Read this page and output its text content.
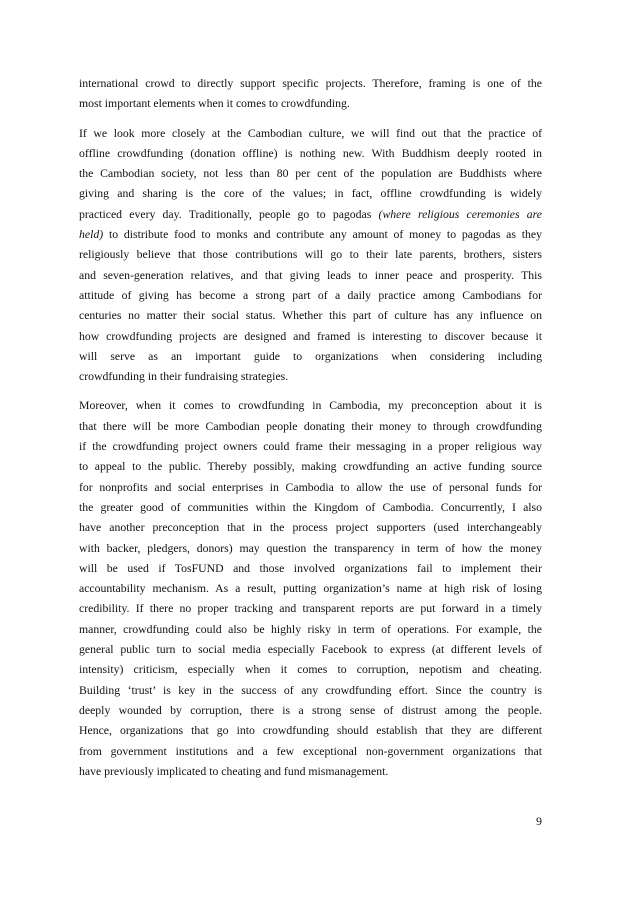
international crowd to directly support specific projects. Therefore, framing is one of the
most important elements when it comes to crowdfunding.

If we look more closely at the Cambodian culture, we will find out that the practice of
offline crowdfunding (donation offline) is nothing new. With Buddhism deeply rooted in
the Cambodian society, not less than 80 per cent of the population are Buddhists where
giving and sharing is the core of the values; in fact, offline crowdfunding is widely
practiced every day. Traditionally, people go to pagodas (where religious ceremonies are
held) to distribute food to monks and contribute any amount of money to pagodas as they
religiously believe that those contributions will go to their late parents, brothers, sisters
and seven-generation relatives, and that giving leads to inner peace and prosperity. This
attitude of giving has become a strong part of a daily practice among Cambodians for
centuries no matter their social status. Whether this part of culture has any influence on
how crowdfunding projects are designed and framed is interesting to discover because it
will serve as an important guide to organizations when considering including
crowdfunding in their fundraising strategies.

Moreover, when it comes to crowdfunding in Cambodia, my preconception about it is
that there will be more Cambodian people donating their money to through crowdfunding
if the crowdfunding project owners could frame their messaging in a proper religious way
to appeal to the public. Thereby possibly, making crowdfunding an active funding source
for nonprofits and social enterprises in Cambodia to allow the use of personal funds for
the greater good of communities within the Kingdom of Cambodia. Concurrently, I also
have another preconception that in the process project supporters (used interchangeably
with backer, pledgers, donors) may question the transparency in term of how the money
will be used if TosFUND and those involved organizations fail to implement their
accountability mechanism. As a result, putting organization’s name at high risk of losing
credibility. If there no proper tracking and transparent reports are put forward in a timely
manner, crowdfunding could also be highly risky in term of operations. For example, the
general public turn to social media especially Facebook to express (at different levels of
intensity) criticism, especially when it comes to corruption, nepotism and cheating.
Building ‘trust’ is key in the success of any crowdfunding effort. Since the country is
deeply wounded by corruption, there is a strong sense of distrust among the people.
Hence, organizations that go into crowdfunding should establish that they are different
from government institutions and a few exceptional non-government organizations that
have previously implicated to cheating and fund mismanagement.

9
